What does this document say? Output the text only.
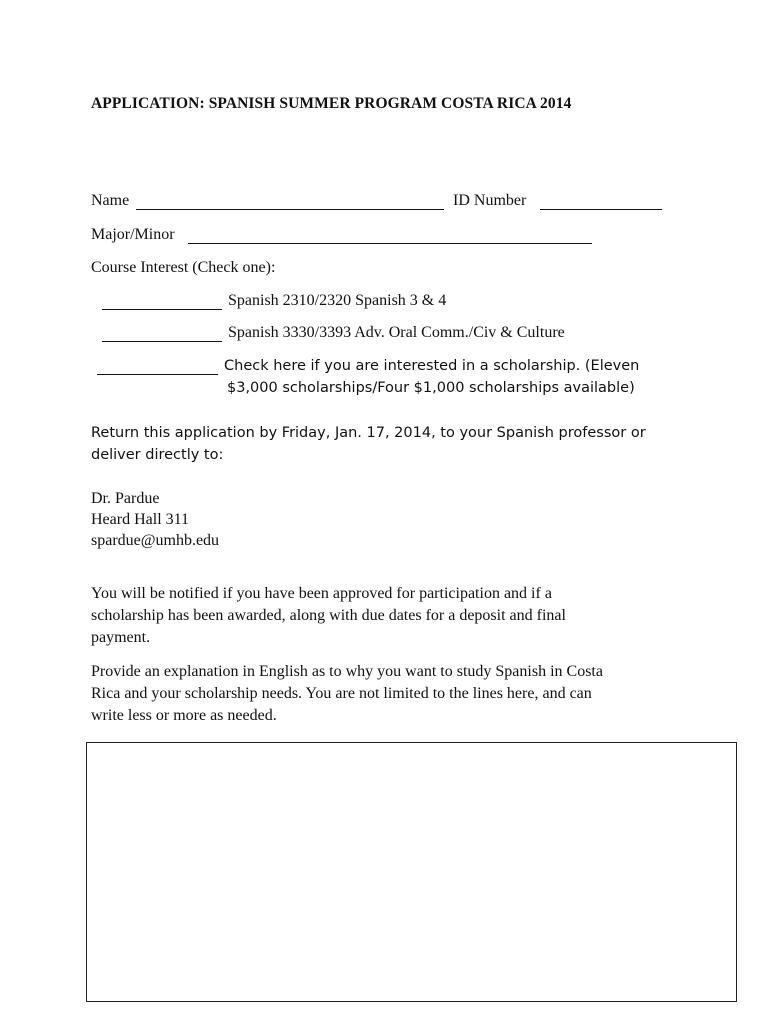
APPLICATION: SPANISH SUMMER PROGRAM COSTA RICA 2014
Name	ID Number
Major/Minor
Course Interest (Check one):
Spanish 2310/2320 Spanish 3 & 4
Spanish 3330/3393 Adv. Oral Comm./Civ & Culture
Check here if you are interested in a scholarship. (Eleven
$3,000 scholarships/Four $1,000 scholarships available)
Return this application by Friday, Jan. 17, 2014, to your Spanish professor or
deliver directly to:
Dr. Pardue
Heard Hall 311
spardue@umhb.edu
You will be notified if you have been approved for participation and if a
scholarship has been awarded, along with due dates for a deposit and final
payment.
Provide an explanation in English as to why you want to study Spanish in Costa
Rica and your scholarship needs. You are not limited to the lines here, and can
write less or more as needed.
